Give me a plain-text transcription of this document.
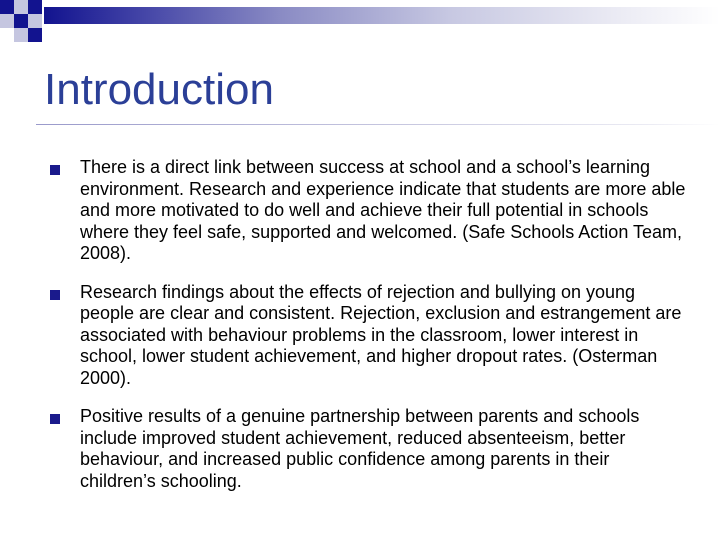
Introduction
There is a direct link between success at school and a school’s learning environment. Research and experience indicate that students are more able and more motivated to do well and achieve their full potential in schools where they feel safe, supported and welcomed. (Safe Schools Action Team, 2008).
Research findings about the effects of rejection and bullying on young people are clear and consistent. Rejection, exclusion and estrangement are associated with behaviour problems in the classroom, lower interest in school, lower student achievement, and higher dropout rates. (Osterman 2000).
Positive results of a genuine partnership between parents and schools include improved student achievement, reduced absenteeism, better behaviour, and increased public confidence among parents in their children’s schooling.
